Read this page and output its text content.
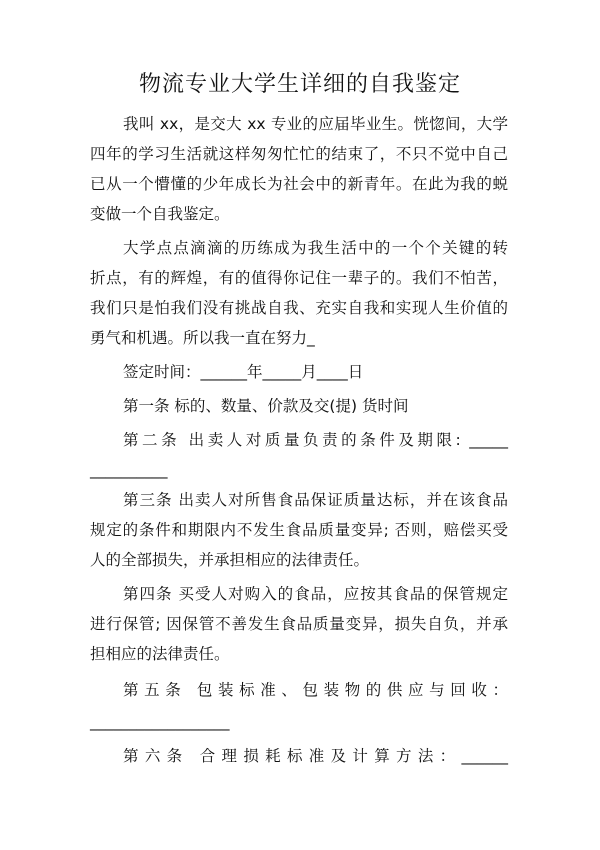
物流专业大学生详细的自我鉴定

我叫 xx，是交大 xx 专业的应届毕业生。恍惚间，大学

四年的学习生活就这样匆匆忙忙的结束了，不只不觉中自己

已从一个懵懂的少年成长为社会中的新青年。在此为我的蜕

变做一个自我鉴定。

大学点点滴滴的历练成为我生活中的一个个关键的转

折点，有的辉煌，有的值得你记住一辈子的。我们不怕苦，

我们只是怕我们没有挑战自我、充实自我和实现人生价值的

勇气和机遇。所以我一直在努力_

签定时间：______年_____月____日

第一条 标的、数量、价款及交(提) 货时间

第二条 出卖人对质量负责的条件及期限: _____

__________

第三条 出卖人对所售食品保证质量达标，并在该食品

规定的条件和期限内不发生食品质量变异; 否则，赔偿买受

人的全部损失，并承担相应的法律责任。

第四条 买受人对购入的食品，应按其食品的保管规定

进行保管; 因保管不善发生食品质量变异，损失自负，并承

担相应的法律责任。

第五条 包装标准、包装物的供应与回收：

__________________

第六条 合理损耗标准及计算方法：______
